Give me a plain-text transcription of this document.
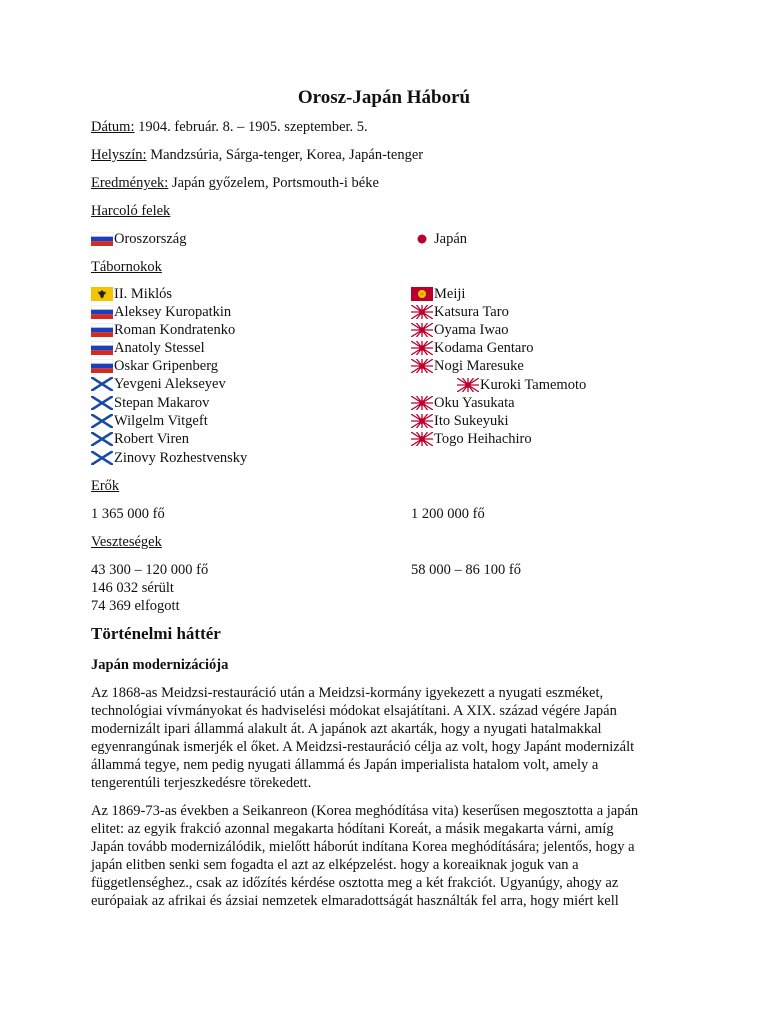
Orosz-Japán Háború
Dátum: 1904. február. 8. – 1905. szeptember. 5.
Helyszín: Mandzsúria, Sárga-tenger, Korea, Japán-tenger
Eredmények: Japán győzelem, Portsmouth-i béke
Harcoló felek
Oroszország	Japán
Tábornokok
II. Miklós
Aleksey Kuropatkin
Roman Kondratenko
Anatoly Stessel
Oskar Gripenberg
Yevgeni Alekseyev
Stepan Makarov
Wilgelm Vitgeft
Robert Viren
Zinovy Rozhestvensky
Meiji
Katsura Taro
Oyama Iwao
Kodama Gentaro
Nogi Maresuke
Kuroki Tamemoto
Oku Yasukata
Ito Sukeyuki
Togo Heihachiro
Erők
1 365 000 fő	1 200 000 fő
Veszteségek
43 300 – 120 000 fő
146 032 sérült
74 369 elfogott
58 000 – 86 100 fő
Történelmi háttér
Japán modernizációja
Az 1868-as Meidzsi-restauráció után a Meidzsi-kormány igyekezett a nyugati eszméket,
technológiai vívmányokat és hadviselési módokat elsajátítani. A XIX. század végére Japán
modernizált ipari állammá alakult át. A japánok azt akarták, hogy a nyugati hatalmakkal
egyenrangúnak ismerjék el őket. A Meidzsi-restauráció célja az volt, hogy Japánt modernizált
állammá tegye, nem pedig nyugati állammá és Japán imperialista hatalom volt, amely a
tengerentúli terjeszkedésre törekedett.
Az 1869-73-as években a Seikanreon (Korea meghódítása vita) keserűsen megosztotta a japán
elitet: az egyik frakció azonnal megakarta hódítani Koreát, a másik megakarta várni, amíg
Japán tovább modernizálódik, mielőtt háborút indítana Korea meghódítására; jelentős, hogy a
japán elitben senki sem fogadta el azt az elképzelést. hogy a koreaiknak joguk van a
függetlenséghez., csak az időzítés kérdése osztotta meg a két frakciót. Ugyanúgy, ahogy az
európaiak az afrikai és ázsiai nemzetek elmaradottságát használták fel arra, hogy miért kell
